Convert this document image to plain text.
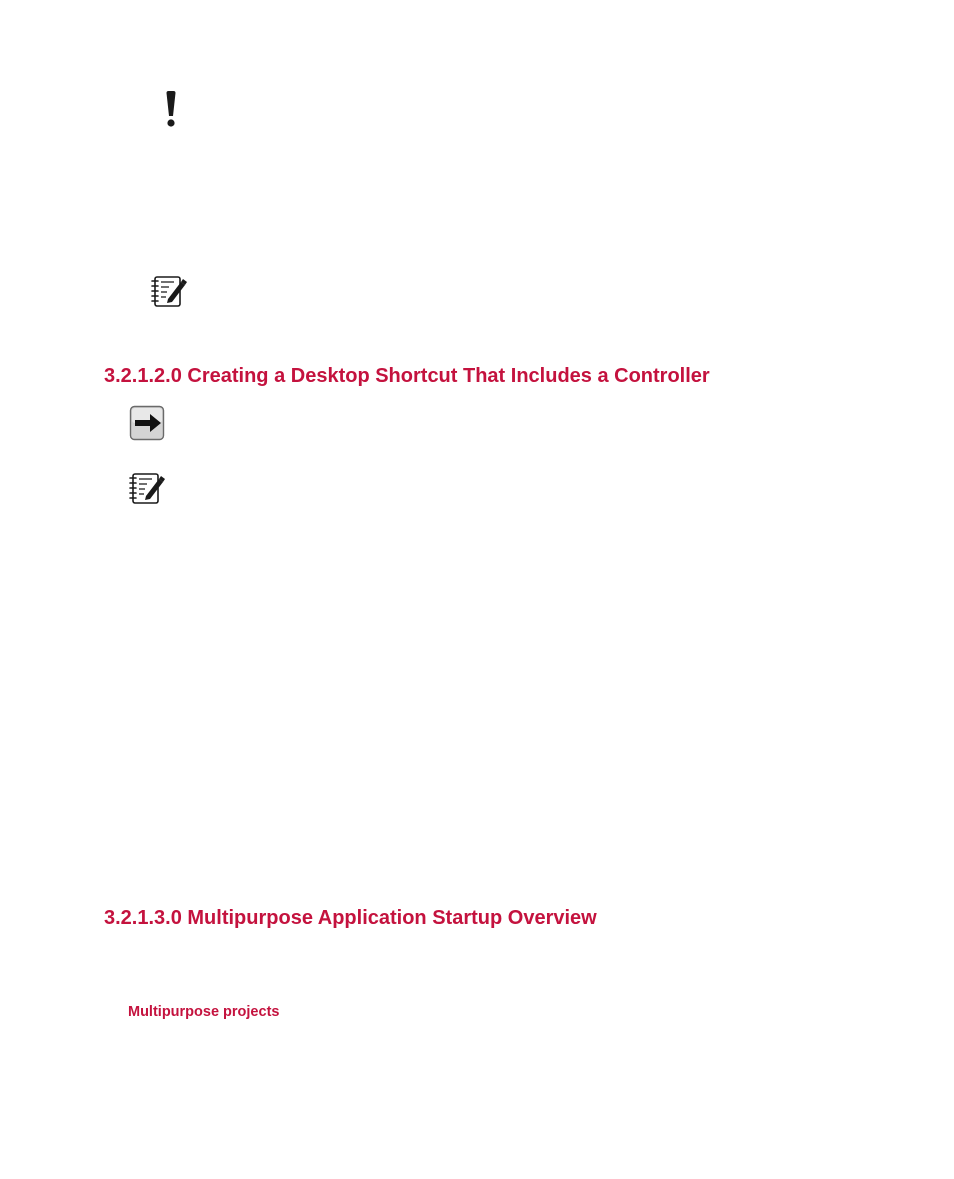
3.2.1.2.0 Creating a Desktop Shortcut That Includes a Controller
3.2.1.3.0 Multipurpose Application Startup Overview
Multipurpose projects
